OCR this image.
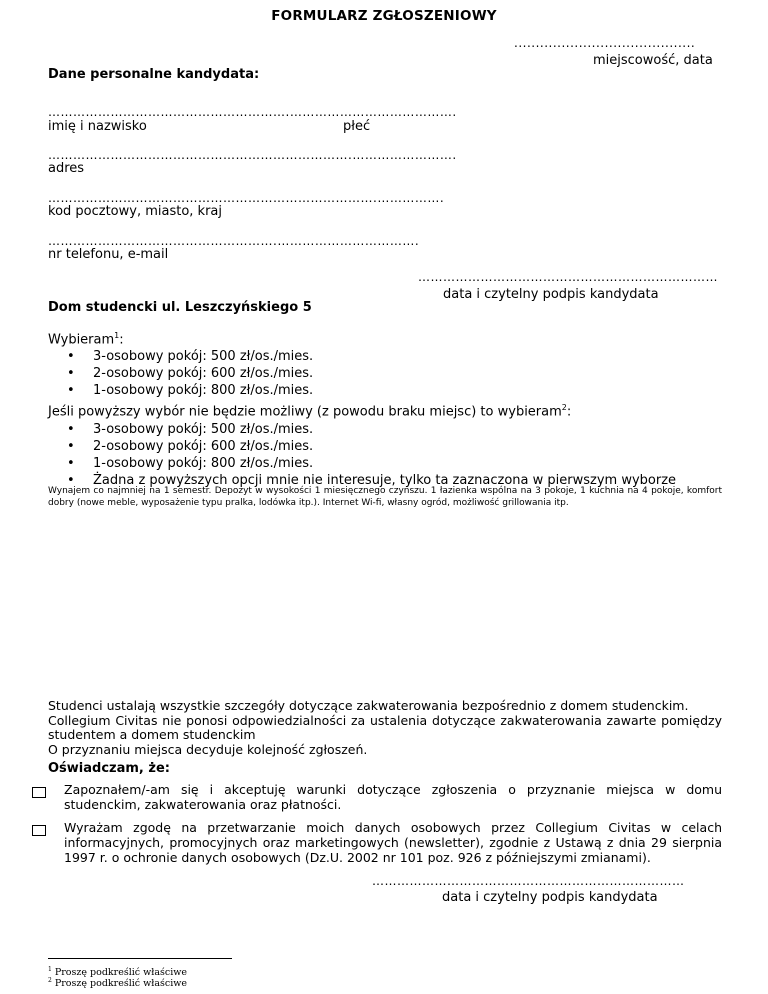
FORMULARZ ZGŁOSZENIOWY
..........................................
miejscowość, data
Dane personalne kandydata:
………………………………………………….………………………………….
imię i nazwisko	płeć
……………………………………………………………….…………………….
adres
…………………………………………………………………….…………….
kod pocztowy, miasto, kraj
……………………………………………….…………………………….
nr telefonu, e-mail
………………………………………………………………
data i czytelny podpis kandydata
Dom studencki ul. Leszczyńskiego 5
Wybieram$^1$:
• 3-osobowy pokój: 500 zł/os./mies.
• 2-osobowy pokój: 600 zł/os./mies.
• 1-osobowy pokój: 800 zł/os./mies.
Jeśli powyższy wybór nie będzie możliwy (z powodu braku miejsc) to wybieram$^2$:
• 3-osobowy pokój: 500 zł/os./mies.
• 2-osobowy pokój: 600 zł/os./mies.
• 1-osobowy pokój: 800 zł/os./mies.
• Żadna z powyższych opcji mnie nie interesuje, tylko ta zaznaczona w pierwszym wyborze
Wynajem co najmniej na 1 semestr. Depozyt w wysokości 1 miesięcznego czynszu. 1 łazienka wspólna na 3 pokoje, 1 kuchnia na 4 pokoje, komfort dobry (nowe meble, wyposażenie typu pralka, lodówka itp.). Internet Wi-fi, własny ogród, możliwość grillowania itp.
Studenci ustalają wszystkie szczegóły dotyczące zakwaterowania bezpośrednio z domem studenckim.
Collegium Civitas nie ponosi odpowiedzialności za ustalenia dotyczące zakwaterowania zawarte pomiędzy studentem a domem studenckim
O przyznaniu miejsca decyduje kolejność zgłoszeń.
Oświadczam, że:
Zapoznałem/-am się i akceptuję warunki dotyczące zgłoszenia o przyznanie miejsca w domu studenckim, zakwaterowania oraz płatności.
Wyrażam zgodę na przetwarzanie moich danych osobowych przez Collegium Civitas w celach informacyjnych, promocyjnych oraz marketingowych (newsletter), zgodnie z Ustawą z dnia 29 sierpnia 1997 r. o ochronie danych osobowych (Dz.U. 2002 nr 101 poz. 926 z późniejszymi zmianami).
…………………………………………………………………
data i czytelny podpis kandydata
$^1$ Proszę podkreślić właściwe
$^2$ Proszę podkreślić właściwe
